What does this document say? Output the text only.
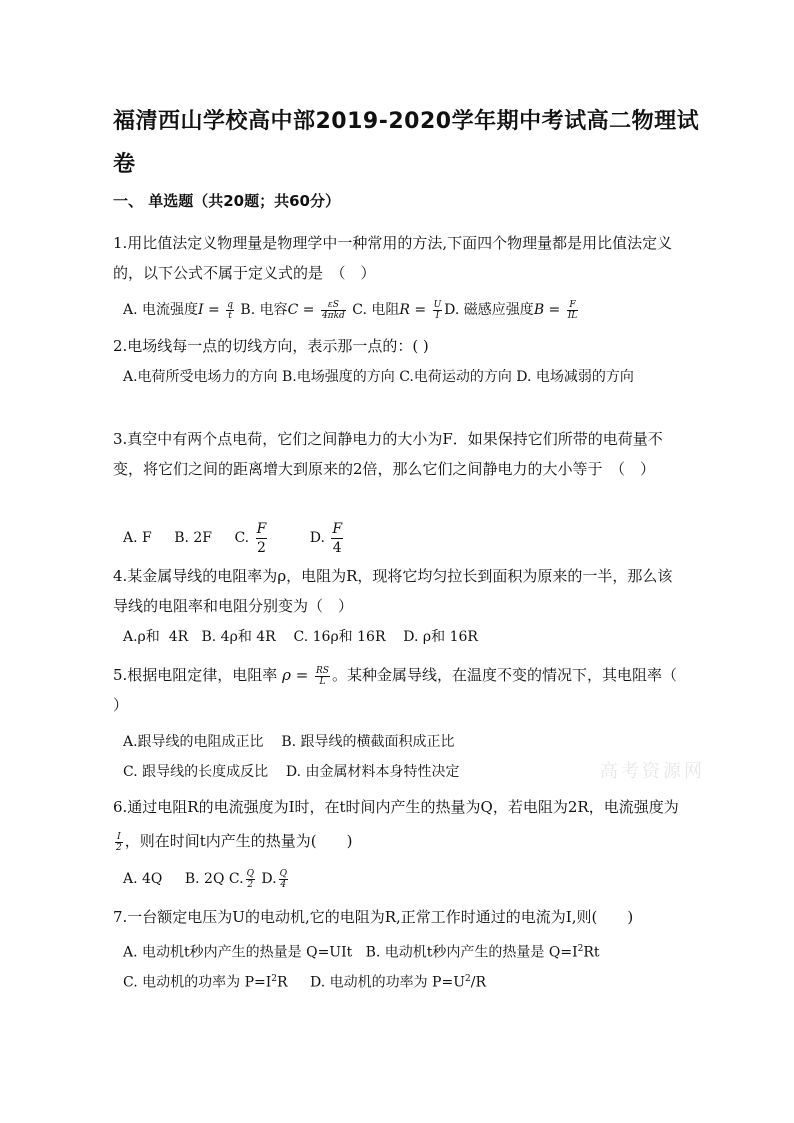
福清西山学校高中部2019-2020学年期中考试高二物理试卷
一、 单选题（共20题；共60分）
1.用比值法定义物理量是物理学中一种常用的方法,下面四个物理量都是用比值法定义的，以下公式不属于定义式的是　（　）
A. 电流强度$I = \frac{q}{t} B$. 电容C = εS
4πkd C. 电阻$R = \frac{U}{I} D$. 磁感应强度$B = \frac{F}{IL}$
2.电场线每一点的切线方向，表示那一点的：( )
A.电荷所受电场力的方向 B.电场强度的方向 C.电荷运动的方向 D. 电场减弱的方向
3.真空中有两个点电荷，它们之间静电力的大小为F．如果保持它们所带的电荷量不变，将它们之间的距离增大到原来的2倍，那么它们之间静电力的大小等于　（　）
A. F B. 2F C. $\frac{F}{2}$	D. $\frac{F}{4}$
4.某金属导线的电阻率为ρ，电阻为R，现将它均匀拉长到面积为原来的一半，那么该导线的电阻率和电阻分别变为（　）
A.ρ和  4R   B. 4ρ和 4R    C. 16ρ和 16R    D. ρ和 16R
5.根据电阻定律，电阻率 $\rho = \frac{RS}{L}$ 。某种金属导线，在温度不变的情况下，其电阻率（ ）
A.跟导线的电阻成正比    B. 跟导线的横截面积成正比
C. 跟导线的长度成反比    D. 由金属材料本身特性决定	高考资源网
6.通过电阻R的电流强度为I时，在t时间内产生的热量为Q，若电阻为2R，电流强度为
$\frac{I}{2}$ ，则在时间t内产生的热量为(　　)
A. 4Q B. 2Q C. $\frac{Q}{2} D$. $\frac{Q}{4}$
7.一台额定电压为U的电动机,它的电阻为R,正常工作时通过的电流为I,则(　　)
A. 电动机t秒内产生的热量是 Q=UIt B. 电动机t秒内产生的热量是 $Q=I^2Rt$
C. 电动机的功率为 $P=I^2R$ D. 电动机的功率为 $P=U^2/R$
